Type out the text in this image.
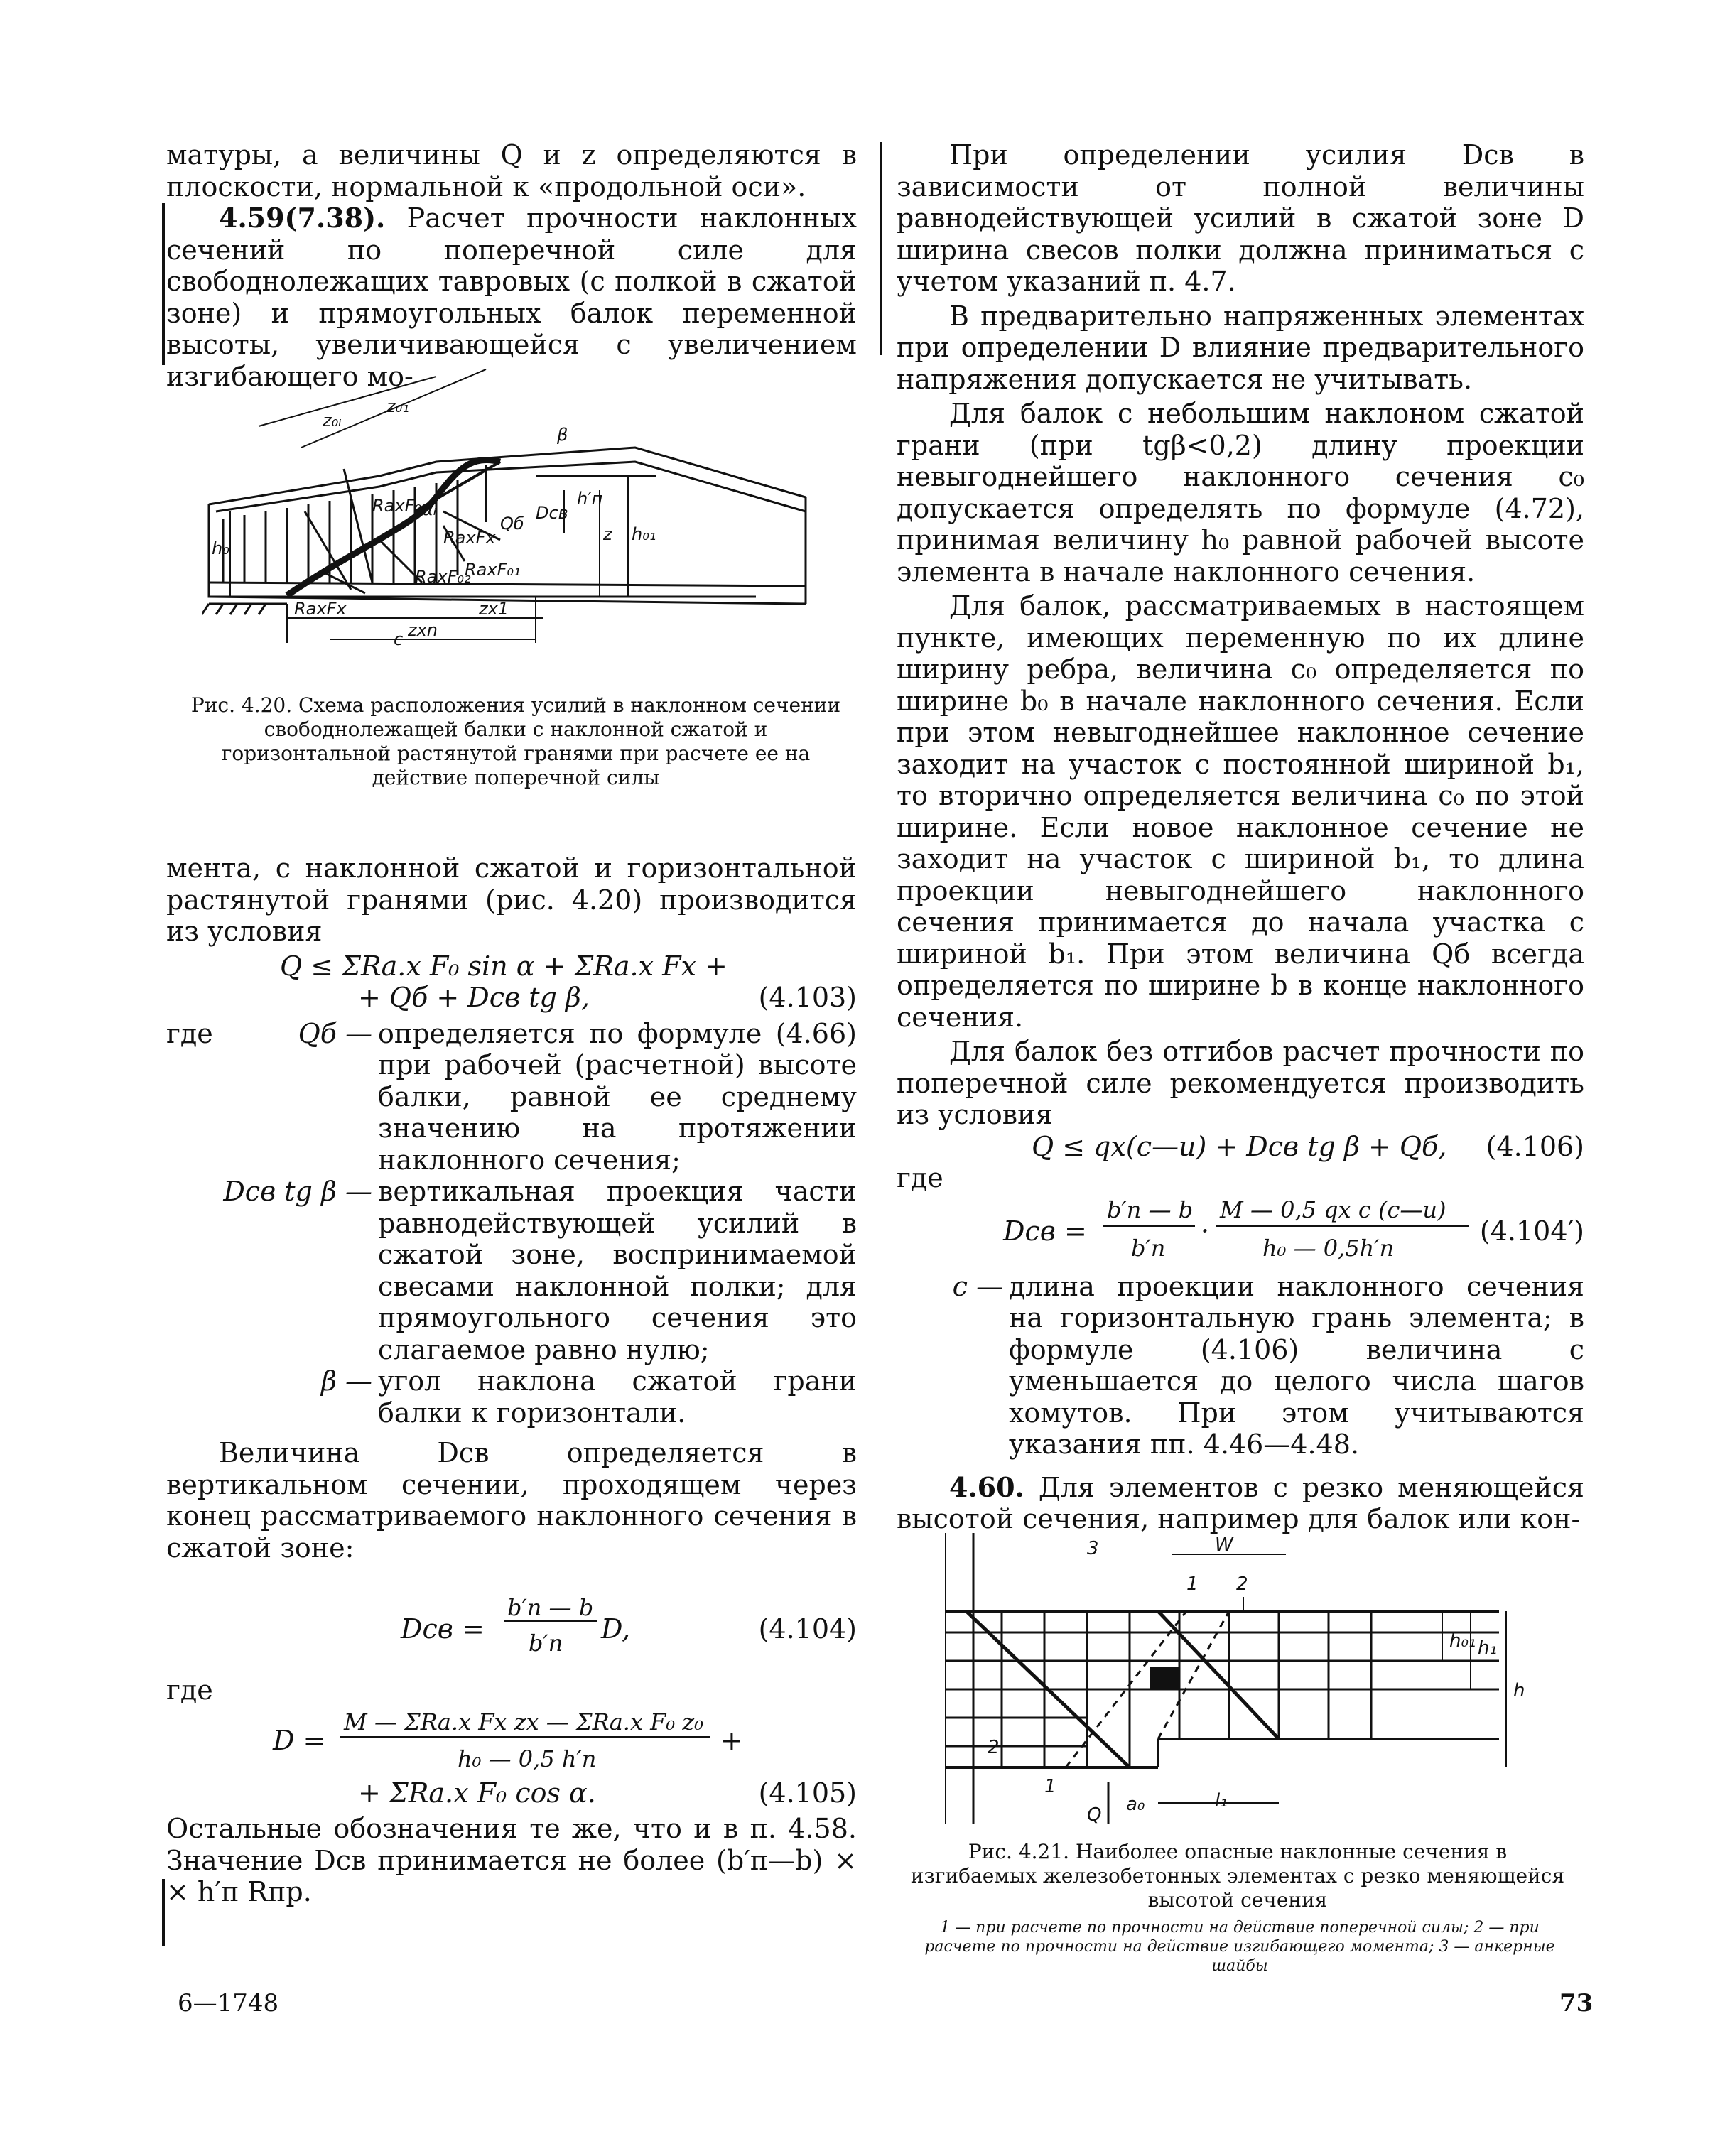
матуры, а величины Q и z определяются в плоскости, нормальной к «продольной оси».

4.59(7.38). Расчет прочности наклонных сечений по поперечной силе для свободнолежащих тавровых (с полкой в сжатой зоне) и прямоугольных балок переменной высоты, увеличивающейся с увеличением изгибающего мо-

z₀ᵢ
z₀₁
β
αᵢ	Dсв
Qб
h′п
z h₀₁
h₀
RaxFx
RaxF₀₁
RaxF₀₂
RaxF₀ᵢ
RaxFx
zxn
zx1
c
Рис. 4.20. Схема расположения усилий в наклонном сечении свободнолежащей балки с наклонной сжатой и горизонтальной растянутой гранями при расчете ее на действие поперечной силы

мента, с наклонной сжатой и горизонтальной растянутой гранями (рис. 4.20) производится из условия

Q ≤ ΣRа.x F₀ sin α + ΣRа.x Fx +
+ Qб + Dсв tg β,	(4.103)
где	Qб — определяется по формуле (4.66) при рабочей (расчетной) высоте балки, равной ее среднему значению на протяжении наклонного сечения;
Dсв tg β — вертикальная проекция части равнодействующей усилий в сжатой зоне, воспринимаемой свесами наклонной полки; для прямоугольного сечения это слагаемое равно нулю;
β — угол наклона сжатой грани балки к горизонтали.

Величина Dсв определяется в вертикальном сечении, проходящем через конец рассматриваемого наклонного сечения в сжатой зоне:

Dсв =
b′п — b
b′п D,	(4.104)
где
D =
M — ΣRа.x Fx zx — ΣRа.x F₀ z₀
h₀ — 0,5 h′п
+
+ ΣRа.x F₀ cos α.	(4.105)

Остальные обозначения те же, что и в п. 4.58. Значение Dсв принимается не более (b′п—b) × × h′п Rпр.

При определении усилия Dсв в зависимости от полной величины равнодействующей усилий в сжатой зоне D ширина свесов полки должна приниматься с учетом указаний п. 4.7.

В предварительно напряженных элементах при определении D влияние предварительного напряжения допускается не учитывать.

Для балок с небольшим наклоном сжатой грани (при tgβ<0,2) длину проекции невыгоднейшего наклонного сечения c₀ допускается определять по формуле (4.72), принимая величину h₀ равной рабочей высоте элемента в начале наклонного сечения.

Для балок, рассматриваемых в настоящем пункте, имеющих переменную по их длине ширину ребра, величина c₀ определяется по ширине b₀ в начале наклонного сечения. Если при этом невыгоднейшее наклонное сечение заходит на участок с постоянной шириной b₁, то вторично определяется величина c₀ по этой ширине. Если новое наклонное сечение не заходит на участок с шириной b₁, то длина проекции невыгоднейшего наклонного сечения принимается до начала участка с шириной b₁. При этом величина Qб всегда определяется по ширине b в конце наклонного сечения.

Для балок без отгибов расчет прочности по поперечной силе рекомендуется производить из условия

Q ≤ qx(c—u) + Dсв tg β + Qб, (4.106)
где
Dсв =
b′п — b
b′п
·
M — 0,5 qx c (c—u)
h₀ — 0,5h′п
(4.104′)
c — длина проекции наклонного сечения на горизонтальную грань элемента; в формуле (4.106) величина c уменьшается до целого числа шагов хомутов. При этом учитываются указания пп. 4.46—4.48.

4.60. Для элементов с резко меняющейся высотой сечения, например для балок или кон-

3	W
1 2
h₀₁ h₁
h
2
1
Q a₀	l₁
Рис. 4.21. Наиболее опасные наклонные сечения в изгибаемых железобетонных элементах с резко меняющейся высотой сечения
1 — при расчете по прочности на действие поперечной силы; 2 — при расчете по прочности на действие изгибающего момента; 3 — анкерные шайбы
6—1748	73
